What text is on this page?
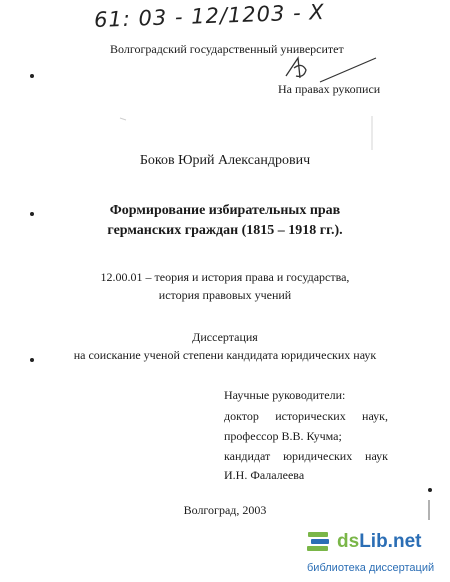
61: 03 - 12/1203 - X
Волгоградский государственный университет
На правах рукописи
Боков Юрий Александрович
Формирование избирательных прав
германских граждан (1815 – 1918 гг.).
12.00.01 – теория и история права и государства,
история правовых учений
Диссертация
на соискание ученой степени кандидата юридических наук
Научные руководители:
доктор исторических наук,
профессор В.В. Кучма;
кандидат юридических наук
И.Н. Фалалеева
Волгоград, 2003
dsLib.net
библиотека диссертаций
